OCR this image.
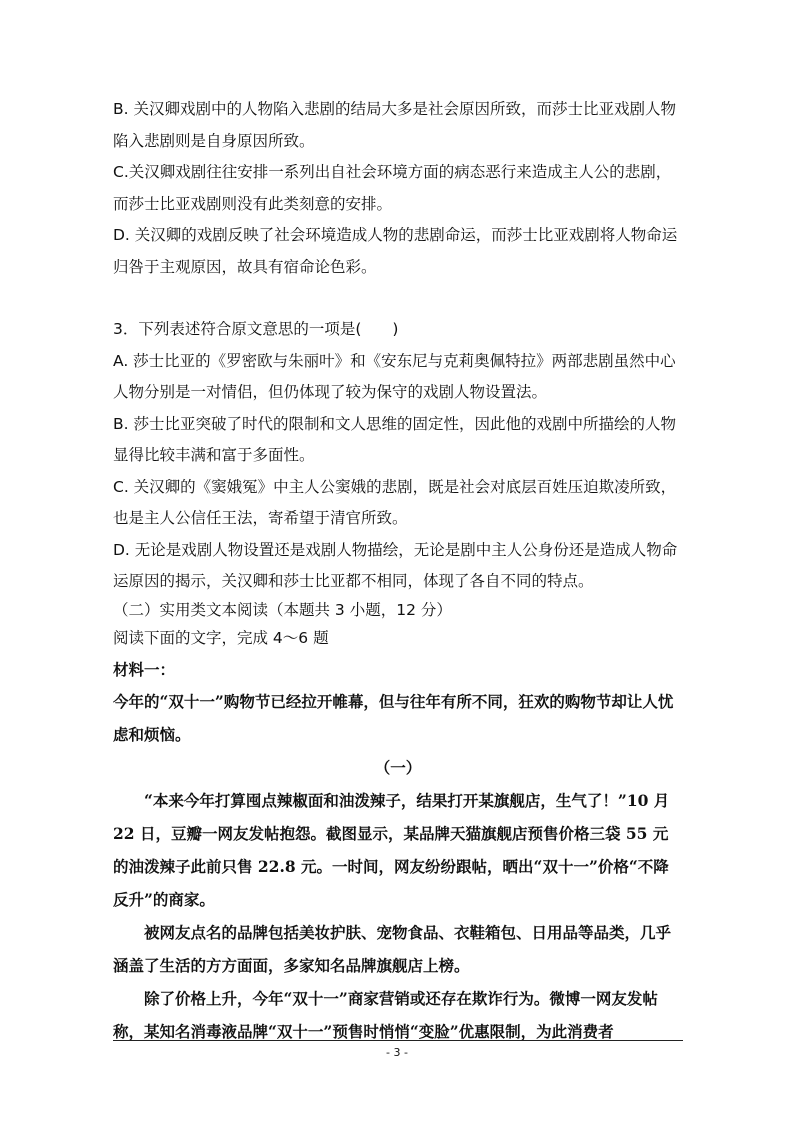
B. 关汉卿戏剧中的人物陷入悲剧的结局大多是社会原因所致，而莎士比亚戏剧人物陷入悲剧则是自身原因所致。
C.关汉卿戏剧往往安排一系列出自社会环境方面的病态恶行来造成主人公的悲剧，而莎士比亚戏剧则没有此类刻意的安排。
D. 关汉卿的戏剧反映了社会环境造成人物的悲剧命运，而莎士比亚戏剧将人物命运归咎于主观原因，故具有宿命论色彩。
3．下列表述符合原文意思的一项是(　　)
A. 莎士比亚的《罗密欧与朱丽叶》和《安东尼与克莉奥佩特拉》两部悲剧虽然中心人物分别是一对情侣，但仍体现了较为保守的戏剧人物设置法。
B. 莎士比亚突破了时代的限制和文人思维的固定性，因此他的戏剧中所描绘的人物显得比较丰满和富于多面性。
C. 关汉卿的《窦娥冤》中主人公窦娥的悲剧，既是社会对底层百姓压迫欺凌所致，也是主人公信任王法，寄希望于清官所致。
D. 无论是戏剧人物设置还是戏剧人物描绘，无论是剧中主人公身份还是造成人物命运原因的揭示，关汉卿和莎士比亚都不相同，体现了各自不同的特点。
（二）实用类文本阅读（本题共 3 小题，12 分）
阅读下面的文字，完成 4～6 题
材料一：
今年的“双十一”购物节已经拉开帷幕，但与往年有所不同，狂欢的购物节却让人忧虑和烦恼。
（一）
“本来今年打算囤点辣椒面和油泼辣子，结果打开某旗舰店，生气了！”10 月 22 日，豆瓣一网友发帖抱怨。截图显示，某品牌天猫旗舰店预售价格三袋 55 元的油泼辣子此前只售 22.8 元。一时间，网友纷纷跟帖，晒出“双十一”价格“不降反升”的商家。
被网友点名的品牌包括美妆护肤、宠物食品、衣鞋箱包、日用品等品类，几乎涵盖了生活的方方面面，多家知名品牌旗舰店上榜。
除了价格上升，今年“双十一”商家营销或还存在欺诈行为。微博一网友发帖称，某知名消毒液品牌“双十一”预售时悄悄“变脸”优惠限制，为此消费者
- 3 -
